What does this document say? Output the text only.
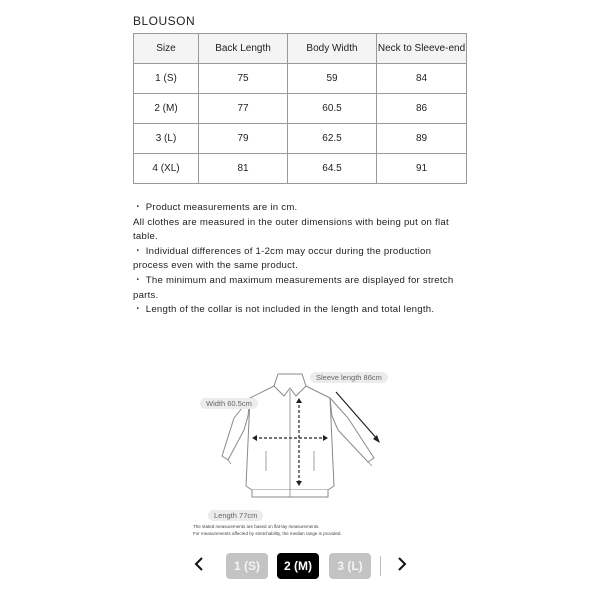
BLOUSON
Size	Back Length	Body Width	Neck to Sleeve-end
1 (S)	75	59	84
2 (M)	77	60.5	86
3 (L)	79	62.5	89
4 (XL)	81	64.5	91

・ Product measurements are in cm.

All clothes are measured in the outer dimensions with being put on flat table.

・ Individual differences of 1-2cm may occur during the production process even with the same product.

・ The minimum and maximum measurements are displayed for stretch parts.

・ Length of the collar is not included in the length and total length.

Sleeve length 86cm
Width 60.5cm
Length 77cm
The stated measurements are based on flat-lay measurements.
For measurements affected by stretchability, the median range is provided.
1 (S)	2 (M)	3 (L)
